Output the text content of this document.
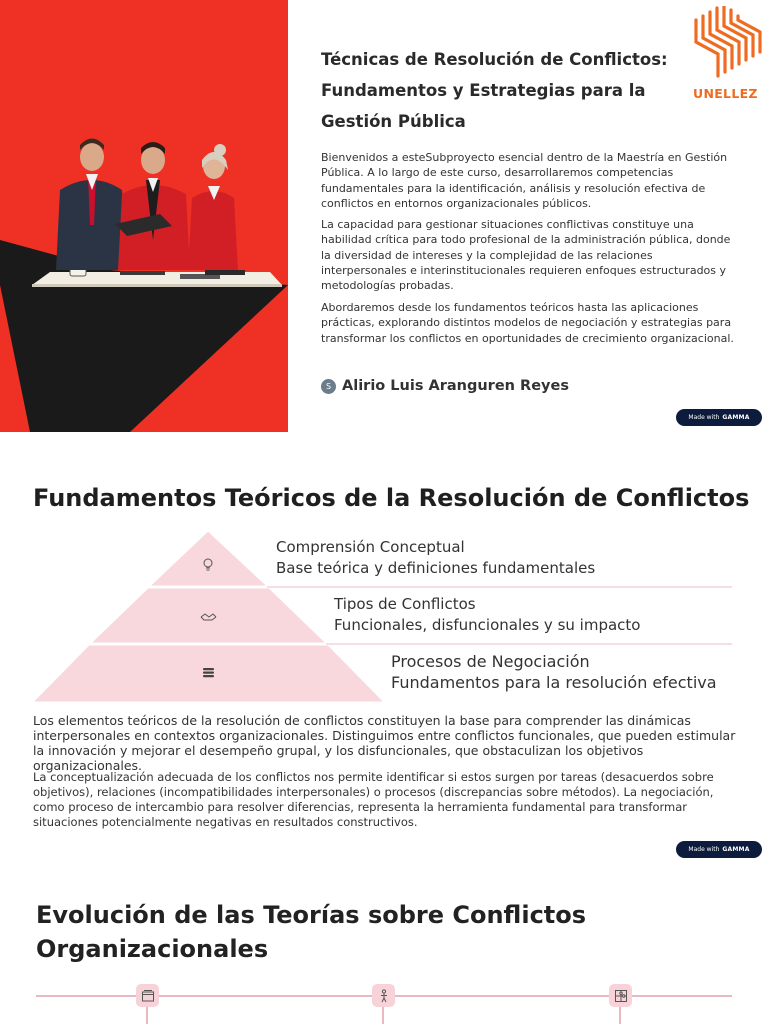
Técnicas de Resolución de Conflictos:
Fundamentos y Estrategias para la
Gestión Pública
UNELLEZ

Bienvenidos a esteSubproyecto esencial dentro de la Maestría en Gestión Pública. A lo largo de este curso, desarrollaremos competencias fundamentales para la identificación, análisis y resolución efectiva de conflictos en entornos organizacionales públicos.

La capacidad para gestionar situaciones conflictivas constituye una habilidad crítica para todo profesional de la administración pública, donde la diversidad de intereses y la complejidad de las relaciones interpersonales e interinstitucionales requieren enfoques estructurados y metodologías probadas.

Abordaremos desde los fundamentos teóricos hasta las aplicaciones prácticas, explorando distintos modelos de negociación y estrategias para transformar los conflictos en oportunidades de crecimiento organizacional.

S Alirio Luis Aranguren Reyes
Made with GAMMA
Fundamentos Teóricos de la Resolución de Conflictos
Comprensión Conceptual
Base teórica y definiciones fundamentales
Tipos de Conflictos
Funcionales, disfuncionales y su impacto
Procesos de Negociación
Fundamentos para la resolución efectiva

Los elementos teóricos de la resolución de conflictos constituyen la base para comprender las dinámicas interpersonales en contextos organizacionales. Distinguimos entre conflictos funcionales, que pueden estimular la innovación y mejorar el desempeño grupal, y los disfuncionales, que obstaculizan los objetivos organizacionales.

La conceptualización adecuada de los conflictos nos permite identificar si estos surgen por tareas (desacuerdos sobre objetivos), relaciones (incompatibilidades interpersonales) o procesos (discrepancias sobre métodos). La negociación, como proceso de intercambio para resolver diferencias, representa la herramienta fundamental para transformar situaciones potencialmente negativas en resultados constructivos.

Made with GAMMA
Evolución de las Teorías sobre Conflictos Organizacionales
